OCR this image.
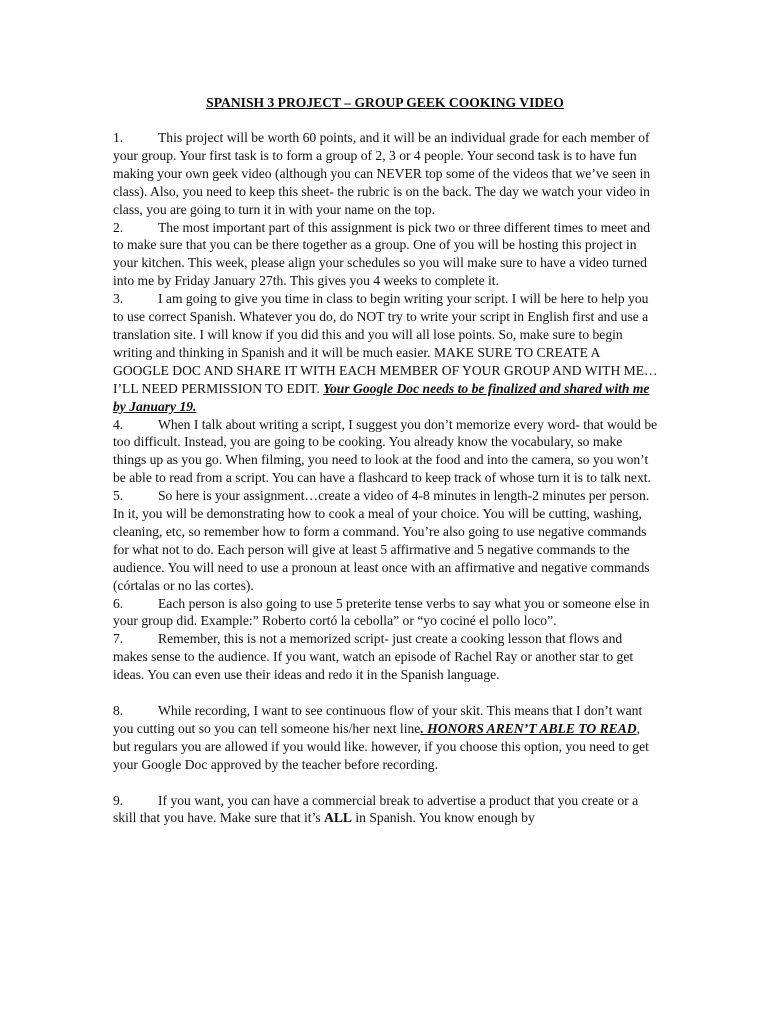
SPANISH 3 PROJECT – GROUP GEEK COOKING VIDEO

1.	This project will be worth 60 points, and it will be an individual grade for each member of your group. Your first task is to form a group of 2, 3 or 4 people. Your second task is to have fun making your own geek video (although you can NEVER top some of the videos that we’ve seen in class). Also, you need to keep this sheet- the rubric is on the back. The day we watch your video in class, you are going to turn it in with your name on the top.

2.	The most important part of this assignment is pick two or three different times to meet and to make sure that you can be there together as a group. One of you will be hosting this project in your kitchen. This week, please align your schedules so you will make sure to have a video turned into me by Friday January 27th. This gives you 4 weeks to complete it.

3.	I am going to give you time in class to begin writing your script. I will be here to help you to use correct Spanish. Whatever you do, do NOT try to write your script in English first and use a translation site. I will know if you did this and you will all lose points. So, make sure to begin writing and thinking in Spanish and it will be much easier. MAKE SURE TO CREATE A GOOGLE DOC AND SHARE IT WITH EACH MEMBER OF YOUR GROUP AND WITH ME…I’LL NEED PERMISSION TO EDIT. Your Google Doc needs to be finalized and shared with me by January 19.

4.	When I talk about writing a script, I suggest you don’t memorize every word- that would be too difficult. Instead, you are going to be cooking. You already know the vocabulary, so make things up as you go. When filming, you need to look at the food and into the camera, so you won’t be able to read from a script. You can have a flashcard to keep track of whose turn it is to talk next.

5.	So here is your assignment…create a video of 4-8 minutes in length-2 minutes per person. In it, you will be demonstrating how to cook a meal of your choice. You will be cutting, washing, cleaning, etc, so remember how to form a command. You’re also going to use negative commands for what not to do. Each person will give at least 5 affirmative and 5 negative commands to the audience. You will need to use a pronoun at least once with an affirmative and negative commands (córtalas or no las cortes).

6.	Each person is also going to use 5 preterite tense verbs to say what you or someone else in your group did. Example:” Roberto cortó la cebolla” or “yo cociné el pollo loco”.

7.	Remember, this is not a memorized script- just create a cooking lesson that flows and makes sense to the audience. If you want, watch an episode of Rachel Ray or another star to get ideas. You can even use their ideas and redo it in the Spanish language.

8.	While recording, I want to see continuous flow of your skit. This means that I don’t want you cutting out so you can tell someone his/her next line. HONORS AREN’T ABLE TO READ, but regulars you are allowed if you would like. however, if you choose this option, you need to get your Google Doc approved by the teacher before recording.

9.	If you want, you can have a commercial break to advertise a product that you create or a skill that you have. Make sure that it’s ALL in Spanish. You know enough by
